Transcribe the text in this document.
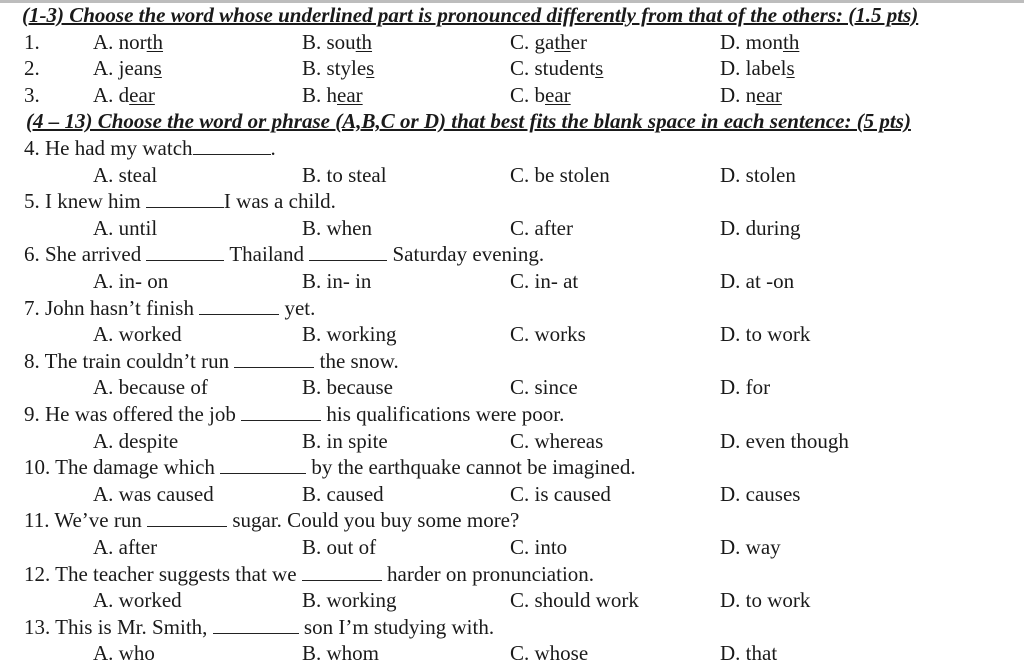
(1-3) Choose the word whose underlined part is pronounced differently from that of the others: (1.5 pts)
1.	A. north	B. south	C. gather	D. month
2.	A. jeans	B. styles	C. students	D. labels
3.	A. dear	B. hear	C. bear	D. near
(4 – 13) Choose the word or phrase (A,B,C or D) that best fits the blank space in each sentence: (5 pts)
4. He had my watch	.
A. steal	B. to steal	C. be stolen	D. stolen
5. I knew him	I was a child.
A. until	B. when	C. after	D. during
6. She arrived	Thailand	Saturday evening.
A. in- on	B. in- in	C. in- at	D. at -on
7. John hasn’t finish	yet.
A. worked	B. working	C. works	D. to work
8. The train couldn’t run	the snow.
A. because of	B. because	C. since	D. for
9. He was offered the job	his qualifications were poor.
A. despite	B. in spite	C. whereas	D. even though
10. The damage which	by the earthquake cannot be imagined.
A. was caused	B. caused	C. is caused	D. causes
11. We’ve run	sugar. Could you buy some more?
A. after	B. out of	C. into	D. way
12. The teacher suggests that we	harder on pronunciation.
A. worked	B. working	C. should work	D. to work
13. This is Mr. Smith,	son I’m studying with.
A. who	B. whom	C. whose	D. that
